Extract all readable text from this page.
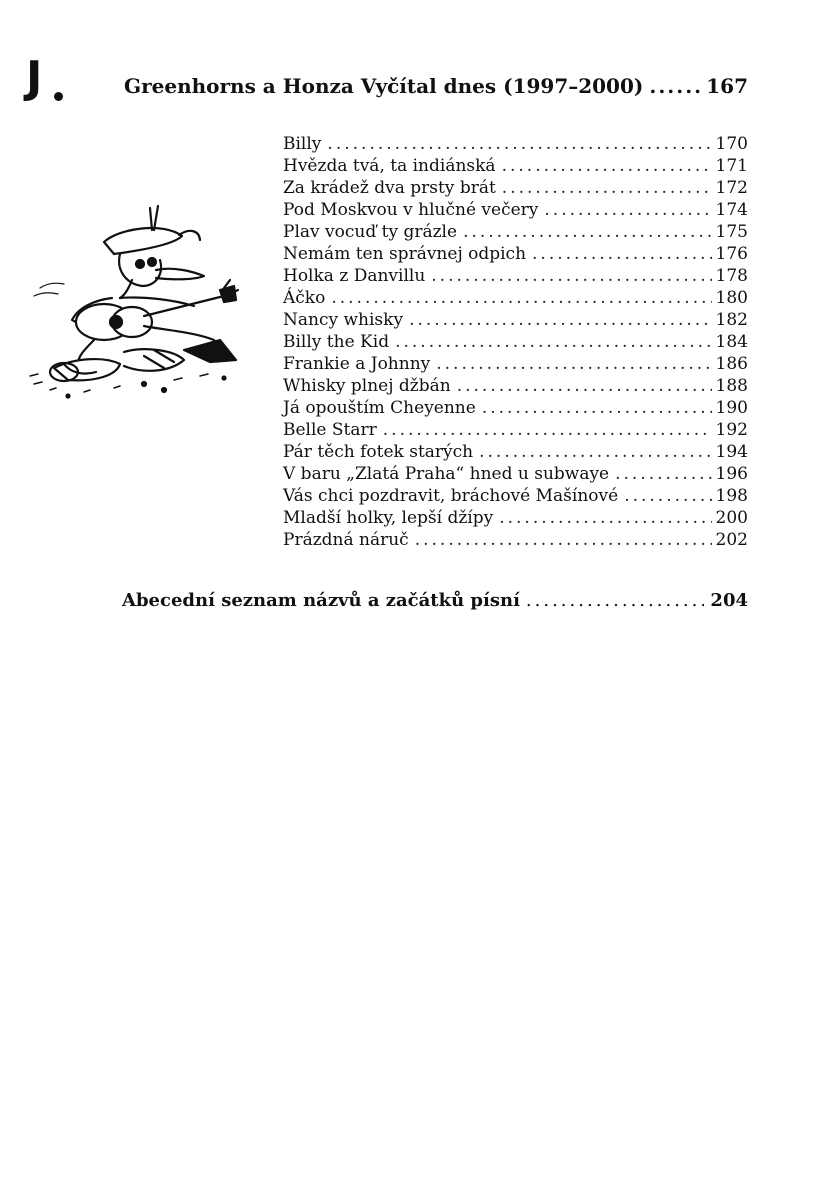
J	Greenhorns a Honza Vyčítal dnes (1997–2000) .....	167
Billy .....	170
Hvězda tvá, ta indiánská .....	171
Za krádež dva prsty brát .....	172
Pod Moskvou v hlučné večery .....	174
Plav vocuď ty grázle .....	175
Nemám ten správnej odpich .....	176
Holka z Danvillu .....	178
Áčko .....	180
Nancy whisky .....	182
Billy the Kid .....	184
Frankie a Johnny .....	186
Whisky plnej džbán .....	188
Já opouštím Cheyenne .....	190
Belle Starr .....	192
Pár těch fotek starých .....	194
V baru „Zlatá Praha“ hned u subwaye .....	196
Vás chci pozdravit, bráchové Mašínové .....	198
Mladší holky, lepší džípy .....	200
Prázdná náruč .....	202
Abecední seznam názvů a začátků písní .....	204
